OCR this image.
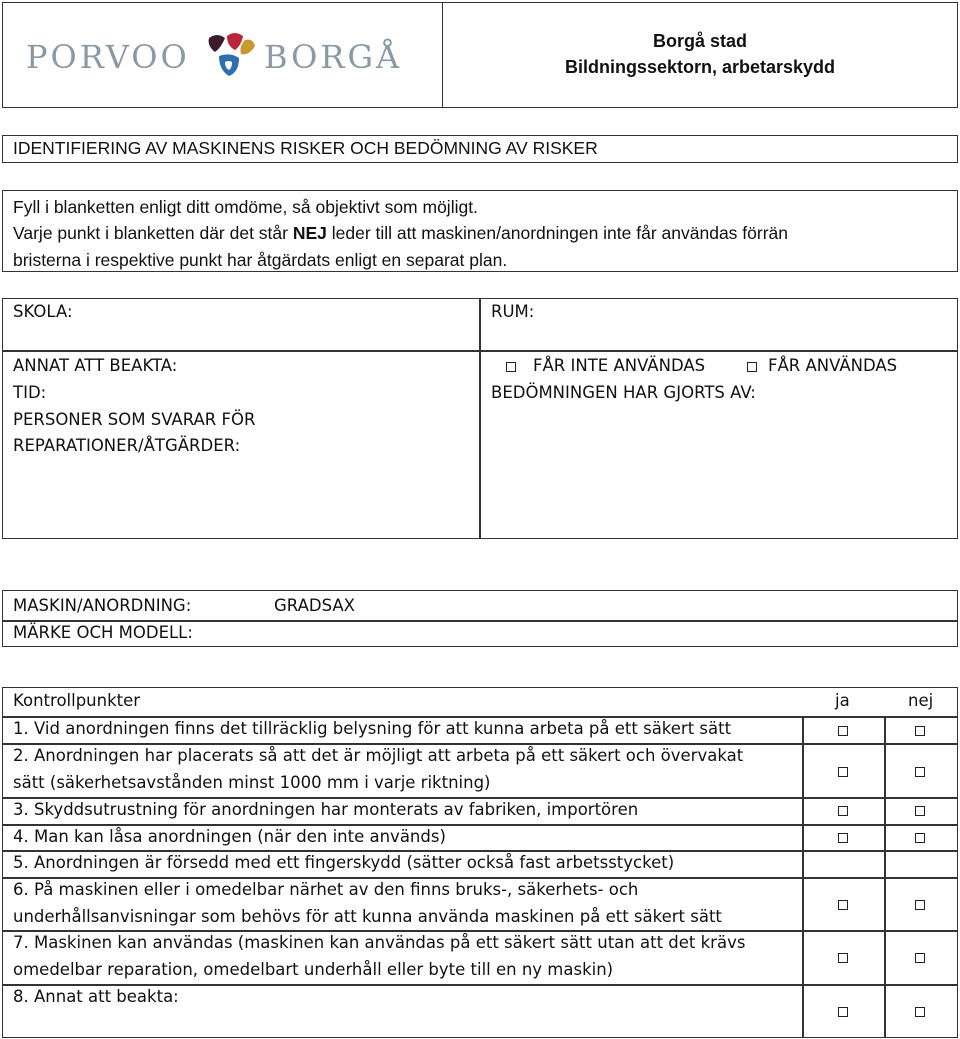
PORVOO BORGÅ	Borgå stad
Bildningssektorn, arbetarskydd
IDENTIFIERING AV MASKINENS RISKER OCH BEDÖMNING AV RISKER
Fyll i blanketten enligt ditt omdöme, så objektivt som möjligt.
Varje punkt i blanketten där det står NEJ leder till att maskinen/anordningen inte får användas förrän
bristerna i respektive punkt har åtgärdats enligt en separat plan.
SKOLA:	RUM:
ANNAT ATT BEAKTA:
TID:
PERSONER SOM SVARAR FÖR
REPARATIONER/ÅTGÄRDER:
FÅR INTE ANVÄNDAS	FÅR ANVÄNDAS
BEDÖMNINGEN HAR GJORTS AV:
MASKIN/ANORDNING:	GRADSAX
MÄRKE OCH MODELL:
Kontrollpunkter	ja	nej
1. Vid anordningen finns det tillräcklig belysning för att kunna arbeta på ett säkert sätt
2. Anordningen har placerats så att det är möjligt att arbeta på ett säkert och övervakat
sätt (säkerhetsavstånden minst 1000 mm i varje riktning)
3. Skyddsutrustning för anordningen har monterats av fabriken, importören
4. Man kan låsa anordningen (när den inte används)
5. Anordningen är försedd med ett fingerskydd (sätter också fast arbetsstycket)
6. På maskinen eller i omedelbar närhet av den finns bruks-, säkerhets- och
underhållsanvisningar som behövs för att kunna använda maskinen på ett säkert sätt
7. Maskinen kan användas (maskinen kan användas på ett säkert sätt utan att det krävs
omedelbar reparation, omedelbart underhåll eller byte till en ny maskin)
8. Annat att beakta:
